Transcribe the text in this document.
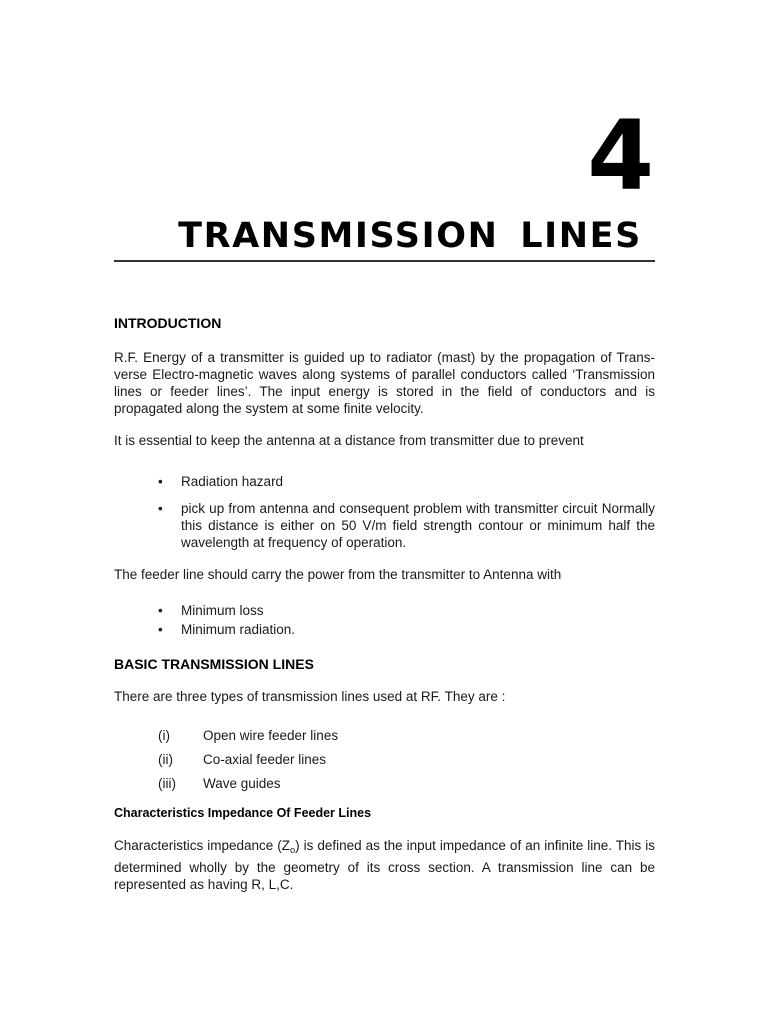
4
TRANSMISSION LINES
INTRODUCTION

R.F. Energy of a transmitter is guided up to radiator (mast) by the propagation of Trans-verse Electro-magnetic waves along systems of parallel conductors called ‘Transmission lines or feeder lines’. The input energy is stored in the field of conductors and is propagated along the system at some finite velocity.

It is essential to keep the antenna at a distance from transmitter due to prevent

• Radiation hazard
• pick up from antenna and consequent problem with transmitter circuit Normally this distance is either on 50 V/m field strength contour or minimum half the wavelength at frequency of operation.

The feeder line should carry the power from the transmitter to Antenna with

• Minimum loss
• Minimum radiation.
BASIC TRANSMISSION LINES

There are three types of transmission lines used at RF. They are :

(i) Open wire feeder lines
(ii) Co-axial feeder lines
(iii) Wave guides
Characteristics Impedance Of Feeder Lines

Characteristics impedance $(Z_o)$ is defined as the input impedance of an infinite line. This is determined wholly by the geometry of its cross section. A transmission line can be represented as having R, L,C.
